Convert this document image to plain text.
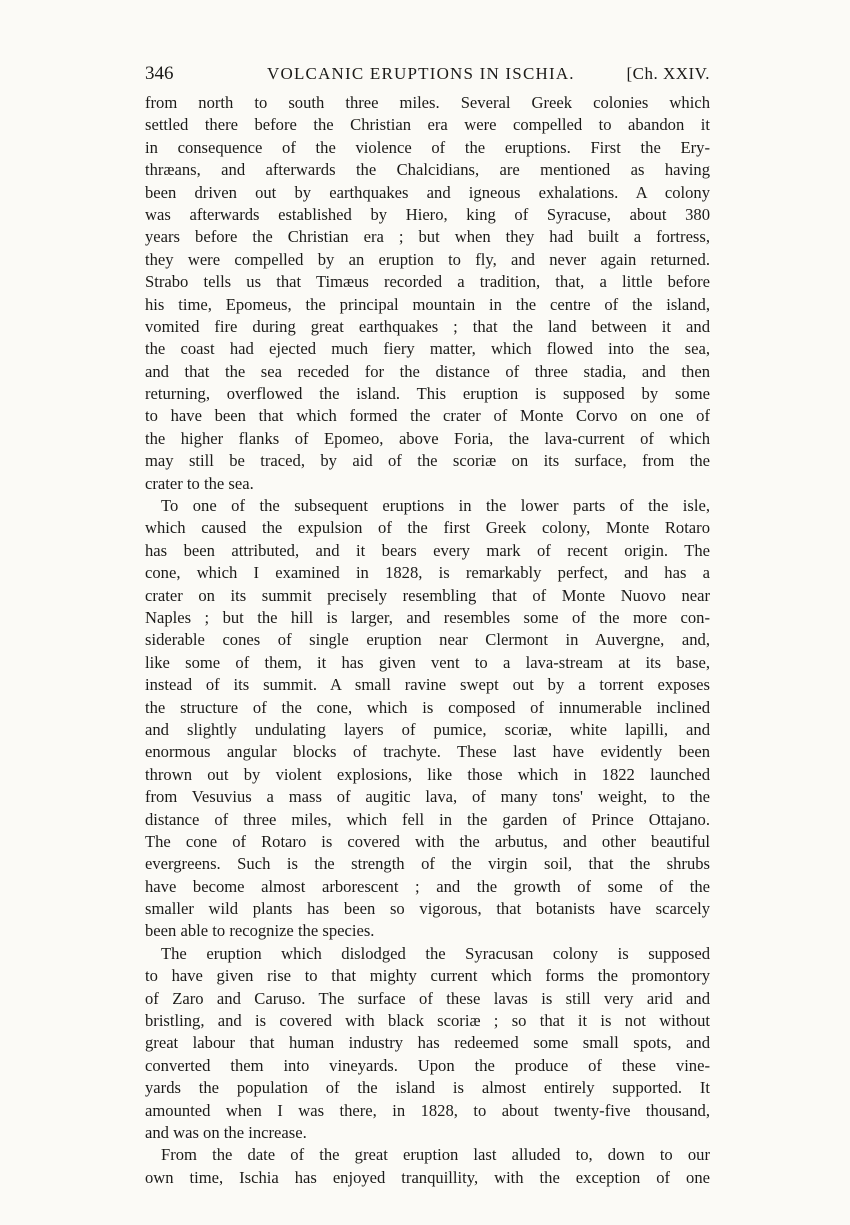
346	VOLCANIC ERUPTIONS IN ISCHIA.	[Ch. XXIV.
from north to south three miles. Several Greek colonies which
settled there before the Christian era were compelled to abandon it
in consequence of the violence of the eruptions. First the Ery-
thræans, and afterwards the Chalcidians, are mentioned as having
been driven out by earthquakes and igneous exhalations. A colony
was afterwards established by Hiero, king of Syracuse, about 380
years before the Christian era ; but when they had built a fortress,
they were compelled by an eruption to fly, and never again returned.
Strabo tells us that Timæus recorded a tradition, that, a little before
his time, Epomeus, the principal mountain in the centre of the island,
vomited fire during great earthquakes ; that the land between it and
the coast had ejected much fiery matter, which flowed into the sea,
and that the sea receded for the distance of three stadia, and then
returning, overflowed the island. This eruption is supposed by some
to have been that which formed the crater of Monte Corvo on one of
the higher flanks of Epomeo, above Foria, the lava-current of which
may still be traced, by aid of the scoriæ on its surface, from the
crater to the sea.
To one of the subsequent eruptions in the lower parts of the isle,
which caused the expulsion of the first Greek colony, Monte Rotaro
has been attributed, and it bears every mark of recent origin. The
cone, which I examined in 1828, is remarkably perfect, and has a
crater on its summit precisely resembling that of Monte Nuovo near
Naples ; but the hill is larger, and resembles some of the more con-
siderable cones of single eruption near Clermont in Auvergne, and,
like some of them, it has given vent to a lava-stream at its base,
instead of its summit. A small ravine swept out by a torrent exposes
the structure of the cone, which is composed of innumerable inclined
and slightly undulating layers of pumice, scoriæ, white lapilli, and
enormous angular blocks of trachyte. These last have evidently been
thrown out by violent explosions, like those which in 1822 launched
from Vesuvius a mass of augitic lava, of many tons' weight, to the
distance of three miles, which fell in the garden of Prince Ottajano.
The cone of Rotaro is covered with the arbutus, and other beautiful
evergreens. Such is the strength of the virgin soil, that the shrubs
have become almost arborescent ; and the growth of some of the
smaller wild plants has been so vigorous, that botanists have scarcely
been able to recognize the species.
The eruption which dislodged the Syracusan colony is supposed
to have given rise to that mighty current which forms the promontory
of Zaro and Caruso. The surface of these lavas is still very arid and
bristling, and is covered with black scoriæ ; so that it is not without
great labour that human industry has redeemed some small spots, and
converted them into vineyards. Upon the produce of these vine-
yards the population of the island is almost entirely supported. It
amounted when I was there, in 1828, to about twenty-five thousand,
and was on the increase.
From the date of the great eruption last alluded to, down to our
own time, Ischia has enjoyed tranquillity, with the exception of one
